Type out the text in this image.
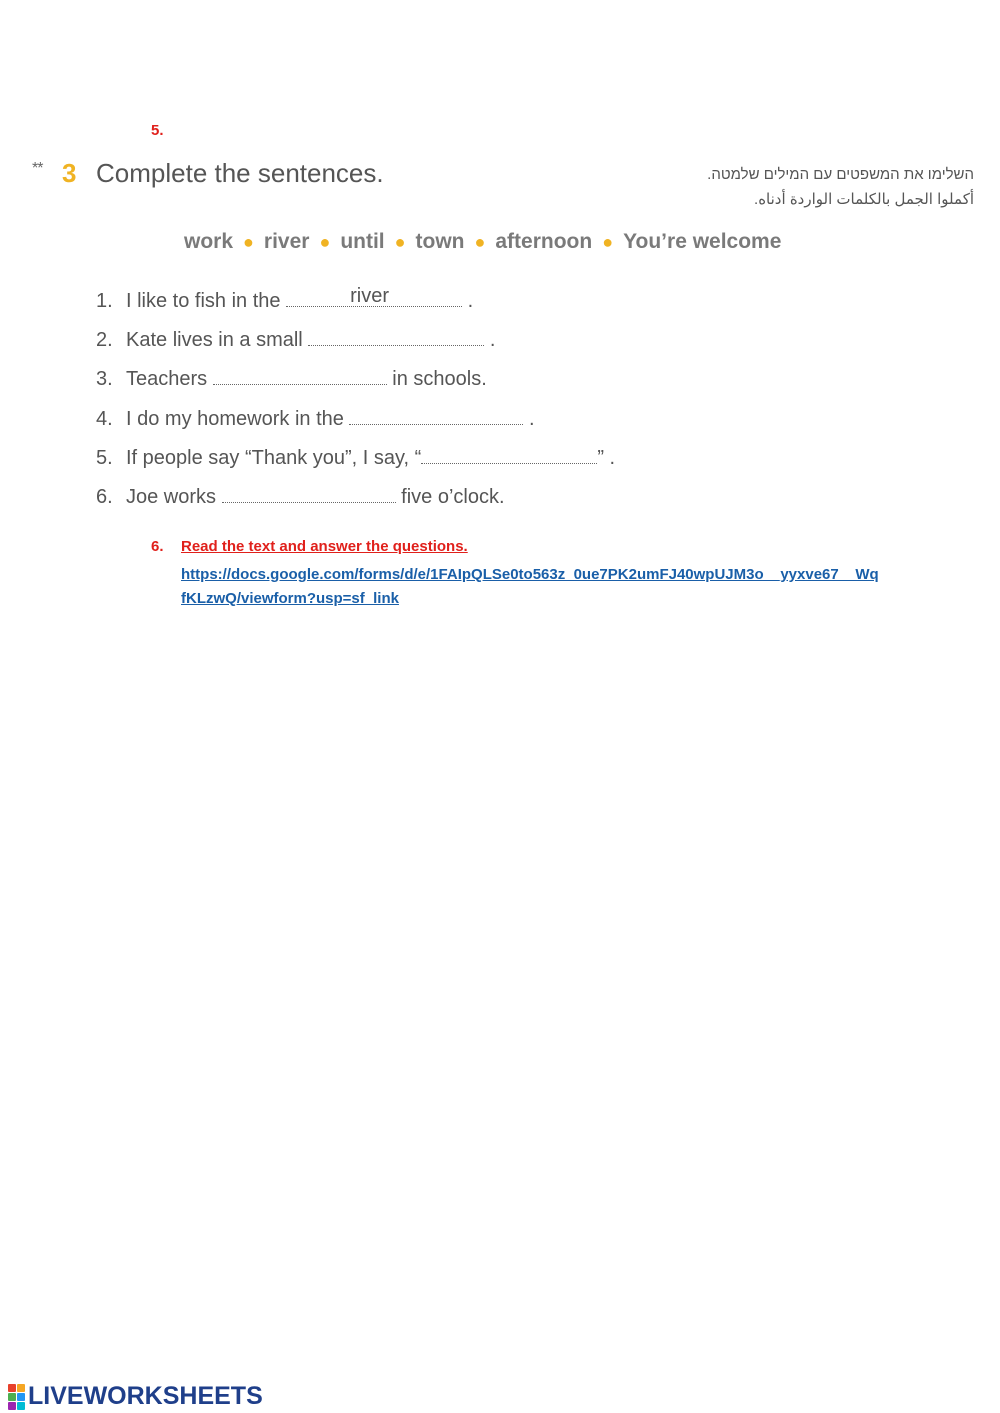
5.
** 3 Complete the sentences.	השלימו את המשפטים עם המילים שלמטה.
أكملوا الجمل بالكلمات الواردة أدناه.
work ● river ● until ● town ● afternoon ● You’re welcome
1. I like to fish in the	river	.
2. Kate lives in a small	.
3. Teachers	in schools.
4. I do my homework in the	.
5. If people say “Thank you”, I say, “	” .
6. Joe works	five o’clock.
6. Read the text and answer the questions.
https://docs.google.com/forms/d/e/1FAIpQLSe0to563z_0ue7PK2umFJ40wpUJM3o__yyxve67__WqfKLzwQ/viewform?usp=sf_link
LIVEWORKSHEETS
